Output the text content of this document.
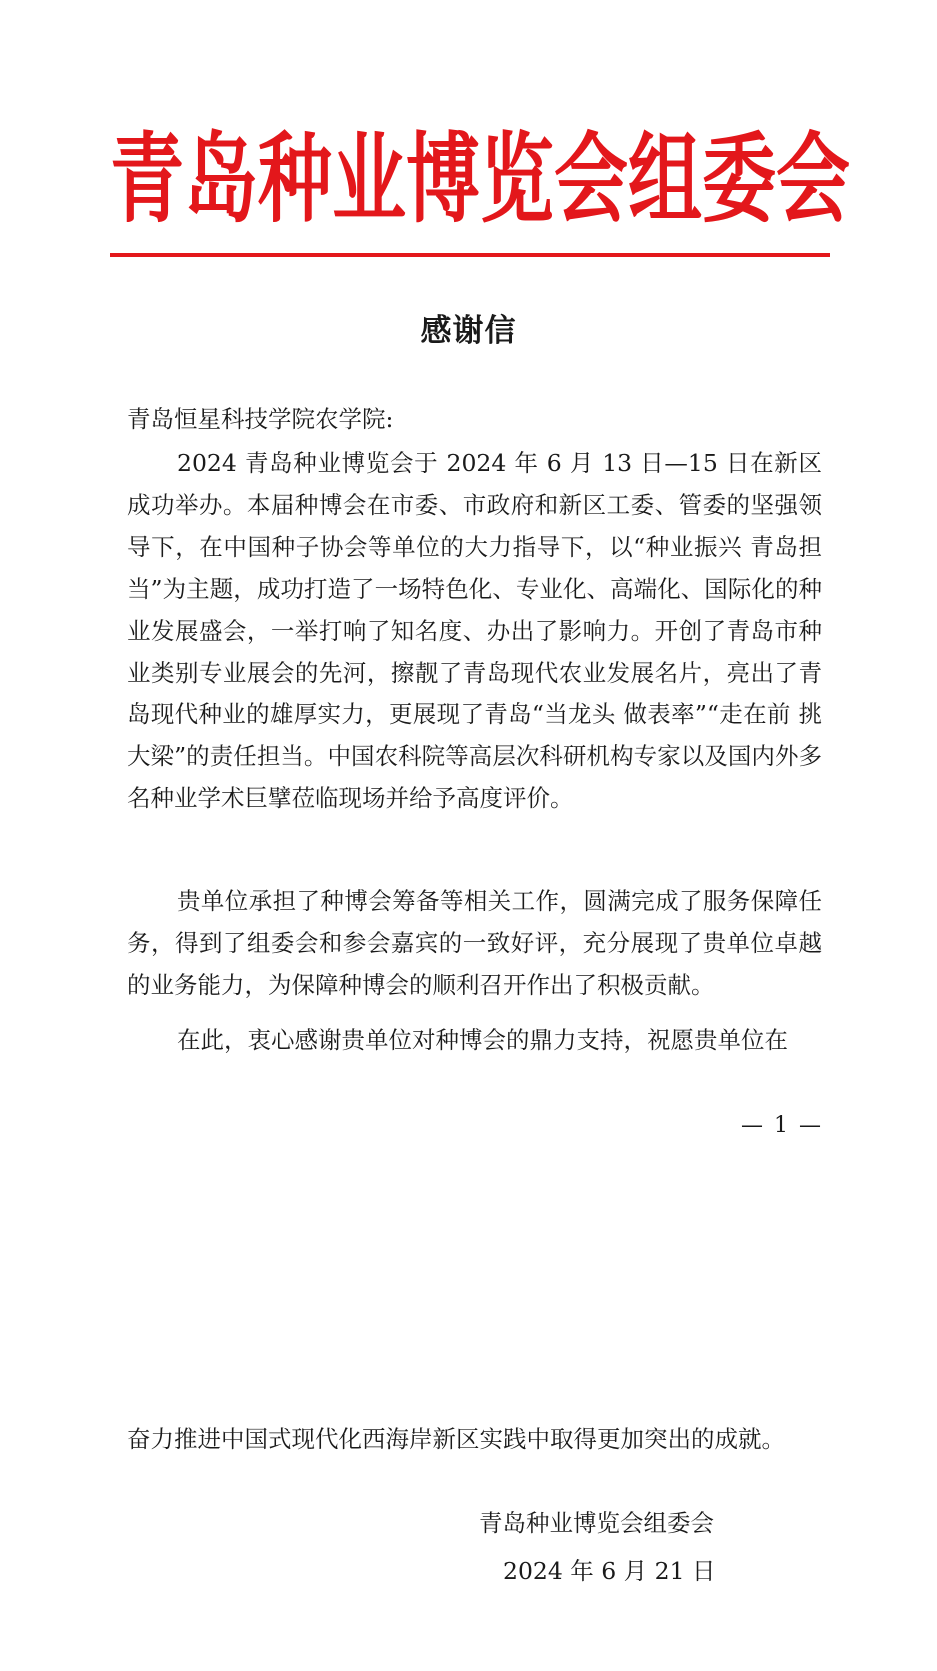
青 岛 种 业 博 览 会 组 委 会
感谢信
青岛恒星科技学院农学院:

2024 青岛种业博览会于 2024 年 6 月 13 日—15 日在新区成功举办。本届种博会在市委、市政府和新区工委、管委的坚强领导下，在中国种子协会等单位的大力指导下，以“种业振兴 青岛担当”为主题，成功打造了一场特色化、专业化、高端化、国际化的种业发展盛会，一举打响了知名度、办出了影响力。开创了青岛市种业类别专业展会的先河，擦靓了青岛现代农业发展名片，亮出了青岛现代种业的雄厚实力，更展现了青岛“当龙头 做表率”“走在前 挑大梁”的责任担当。中国农科院等高层次科研机构专家以及国内外多名种业学术巨擘莅临现场并给予高度评价。

贵单位承担了种博会筹备等相关工作，圆满完成了服务保障任务，得到了组委会和参会嘉宾的一致好评，充分展现了贵单位卓越的业务能力，为保障种博会的顺利召开作出了积极贡献。

在此，衷心感谢贵单位对种博会的鼎力支持，祝愿贵单位在

— 1 —
奋力推进中国式现代化西海岸新区实践中取得更加突出的成就。
青岛种业博览会组委会
2024 年 6 月 21 日
